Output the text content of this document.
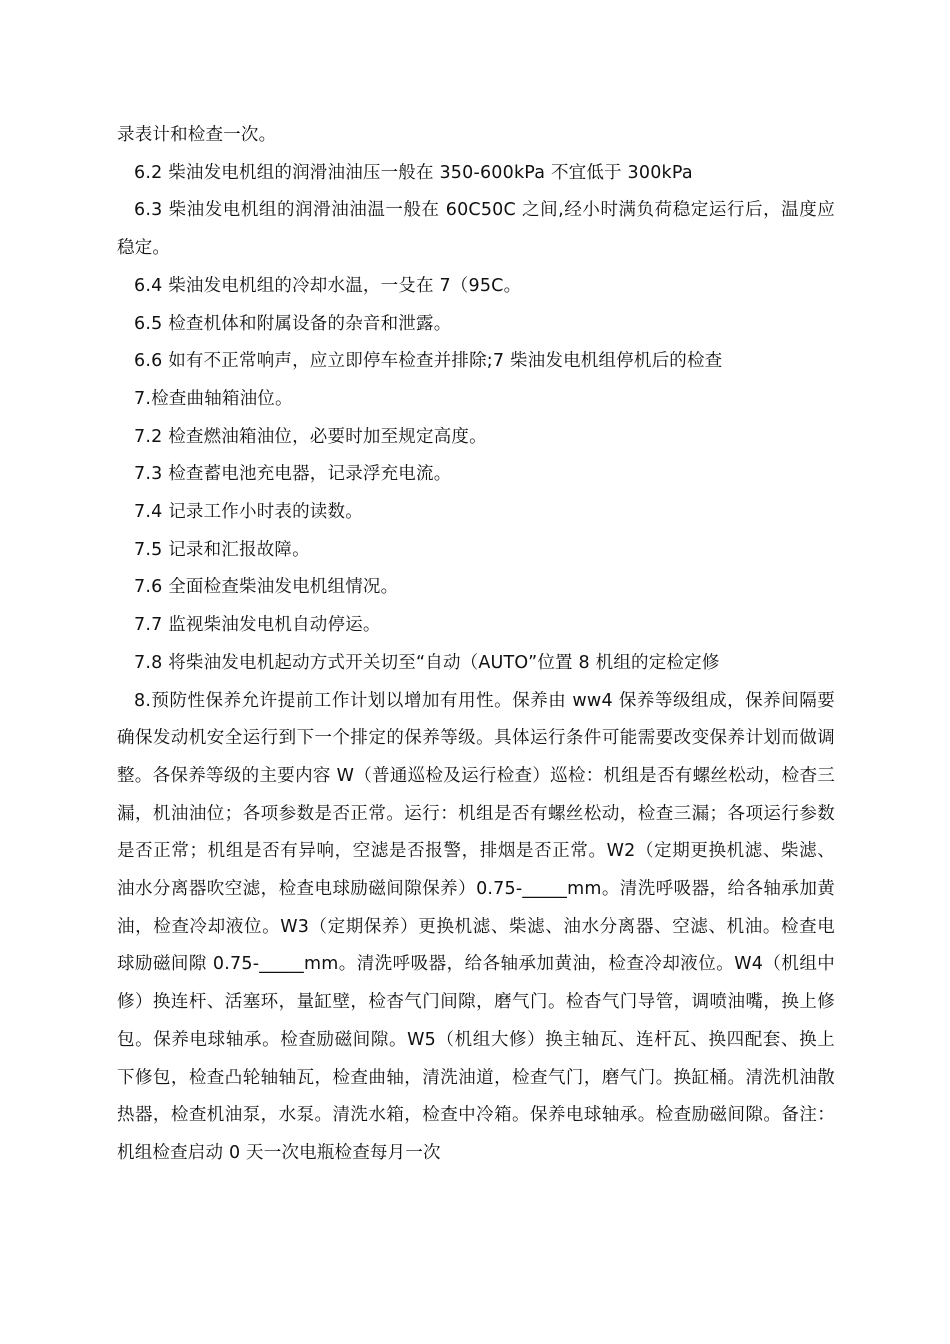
录表计和检查一次。

6.2 柴油发电机组的润滑油油压一般在 350-600kPa 不宜低于 300kPa

6.3 柴油发电机组的润滑油油温一般在 60C50C 之间,经小时满负荷稳定运行后，温度应稳定。

6.4 柴油发电机组的冷却水温，一殳在 7（95C。

6.5 检查机体和附属设备的杂音和泄露。

6.6 如有不正常响声，应立即停车检查并排除;7 柴油发电机组停机后的检查

7.检查曲轴箱油位。

7.2 检查燃油箱油位，必要时加至规定高度。

7.3 检查蓄电池充电器，记录浮充电流。

7.4 记录工作小时表的读数。

7.5 记录和汇报故障。

7.6 全面检查柴油发电机组情况。

7.7 监视柴油发电机自动停运。

7.8 将柴油发电机起动方式开关切至“自动（AUTO”位置 8 机组的定检定修

8.预防性保养允许提前工作计划以增加有用性。保养由 ww4 保养等级组成，保养间隔要确保发动机安全运行到下一个排定的保养等级。具体运行条件可能需要改变保养计划而做调整。各保养等级的主要内容 W（普通巡检及运行检查）巡检：机组是否有螺丝松动，检杳三漏，机油油位；各项参数是否正常。运行：机组是否有螺丝松动，检查三漏；各项运行参数是否正常；机组是否有异响，空滤是否报警，排烟是否正常。W2（定期更换机滤、柴滤、油水分离器吹空滤，检查电球励磁间隙保养）0.75-_____mm。清洗呼吸器，给各轴承加黄油，检查冷却液位。W3（定期保养）更换机滤、柴滤、油水分离器、空滤、机油。检查电球励磁间隙 0.75-_____mm。清洗呼吸器，给各轴承加黄油，检查冷却液位。W4（机组中修）换连杆、活塞环，量缸壁，检杳气门间隙，磨气门。检杳气门导管，调喷油嘴，换上修包。保养电球轴承。检查励磁间隙。W5（机组大修）换主轴瓦、连杆瓦、换四配套、换上下修包，检查凸轮轴轴瓦，检查曲轴，清洗油道，检查气门，磨气门。换缸桶。清洗机油散热器，检查机油泵，水泵。清洗水箱，检查中冷箱。保养电球轴承。检查励磁间隙。备注：机组检查启动 0 天一次电瓶检查每月一次
